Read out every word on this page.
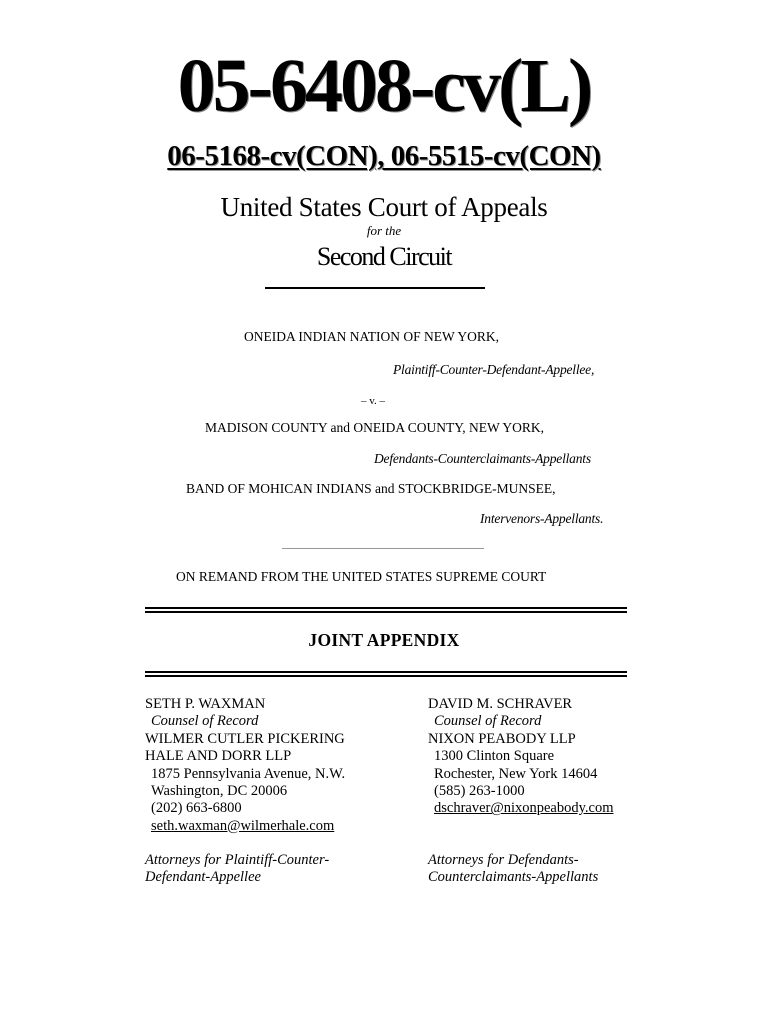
05-6408-cv(L)
06-5168-cv(CON), 06-5515-cv(CON)
United States Court of Appeals
for the
Second Circuit
ONEIDA INDIAN NATION OF NEW YORK,
Plaintiff-Counter-Defendant-Appellee,
– v. –
MADISON COUNTY and ONEIDA COUNTY, NEW YORK,
Defendants-Counterclaimants-Appellants
BAND OF MOHICAN INDIANS and STOCKBRIDGE-MUNSEE,
Intervenors-Appellants.
ON REMAND FROM THE UNITED STATES SUPREME COURT
JOINT APPENDIX
SETH P. WAXMAN
Counsel of Record
WILMER CUTLER PICKERING
HALE AND DORR LLP
1875 Pennsylvania Avenue, N.W.
Washington, DC 20006
(202) 663-6800
seth.waxman@wilmerhale.com
DAVID M. SCHRAVER
Counsel of Record
NIXON PEABODY LLP
1300 Clinton Square
Rochester, New York 14604
(585) 263-1000
dschraver@nixonpeabody.com
Attorneys for Plaintiff-Counter-
Defendant-Appellee
Attorneys for Defendants-
Counterclaimants-Appellants
